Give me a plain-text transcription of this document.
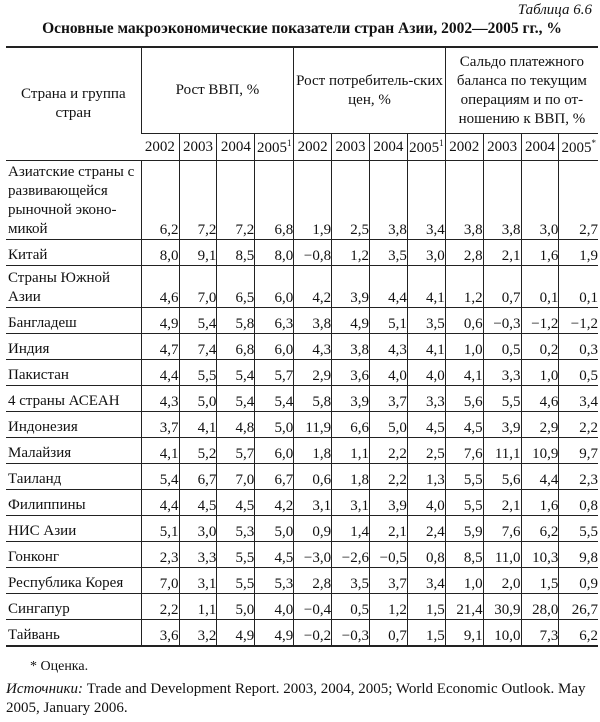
Таблица 6.6
Основные макроэкономические показатели стран Азии, 2002—2005 гг., %
Страна и группа стран	Рост ВВП, %				Рост потребитель-ских цен, %				Сальдо платежного баланса по текущим операциям и по от-ношению к ВВП, %			
	2002	2003	2004	2005$^1$	2002	2003	2004	2005$^1$	2002	2003	2004	2005*
Азиатские страны с развивающейся рыночной эконо-микой	6,2	7,2	7,2	6,8	1,9	2,5	3,8	3,4	3,8	3,8	3,0	2,7
Китай	8,0	9,1	8,5	8,0	−0,8	1,2	3,5	3,0	2,8	2,1	1,6	1,9
Страны Южной Азии	4,6	7,0	6,5	6,0	4,2	3,9	4,4	4,1	1,2	0,7	0,1	0,1
Бангладеш	4,9	5,4	5,8	6,3	3,8	4,9	5,1	3,5	0,6	−0,3	−1,2	−1,2
Индия	4,7	7,4	6,8	6,0	4,3	3,8	4,3	4,1	1,0	0,5	0,2	0,3
Пакистан	4,4	5,5	5,4	5,7	2,9	3,6	4,0	4,0	4,1	3,3	1,0	0,5
4 страны АСЕАН	4,3	5,0	5,4	5,4	5,8	3,9	3,7	3,3	5,6	5,5	4,6	3,4
Индонезия	3,7	4,1	4,8	5,0	11,9	6,6	5,0	4,5	4,5	3,9	2,9	2,2
Малайзия	4,1	5,2	5,7	6,0	1,8	1,1	2,2	2,5	7,6	11,1	10,9	9,7
Таиланд	5,4	6,7	7,0	6,7	0,6	1,8	2,2	1,3	5,5	5,6	4,4	2,3
Филиппины	4,4	4,5	4,5	4,2	3,1	3,1	3,9	4,0	5,5	2,1	1,6	0,8
НИС Азии	5,1	3,0	5,3	5,0	0,9	1,4	2,1	2,4	5,9	7,6	6,2	5,5
Гонконг	2,3	3,3	5,5	4,5	−3,0	−2,6	−0,5	0,8	8,5	11,0	10,3	9,8
Республика Корея	7,0	3,1	5,5	5,3	2,8	3,5	3,7	3,4	1,0	2,0	1,5	0,9
Сингапур	2,2	1,1	5,0	4,0	−0,4	0,5	1,2	1,5	21,4	30,9	28,0	26,7
Тайвань	3,6	3,2	4,9	4,9	−0,2	−0,3	0,7	1,5	9,1	10,0	7,3	6,2
* Оценка.
Источники: Trade and Development Report. 2003, 2004, 2005; World Economic Outlook. May 2005, January 2006.
